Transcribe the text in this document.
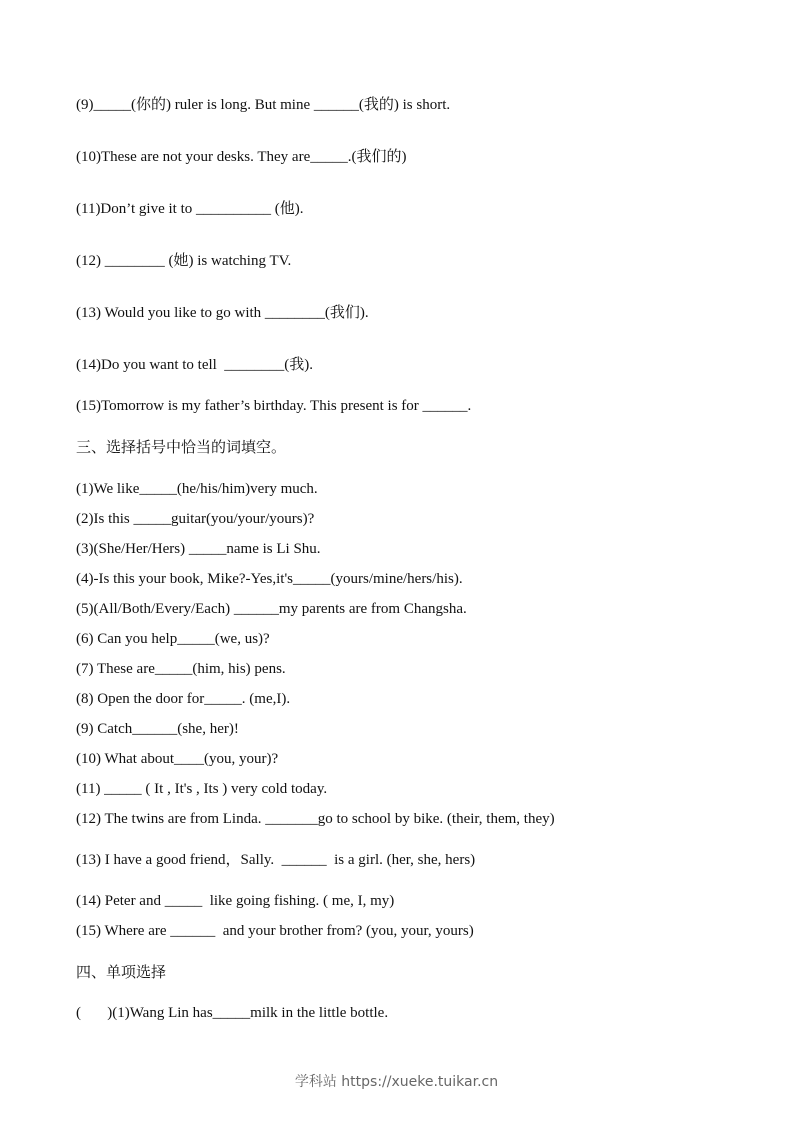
(9)_____(你的) ruler is long. But mine ______(我的) is short.
(10)These are not your desks. They are_____.(我们的)
(11)Don’t give it to __________ (他).
(12) ________ (她) is watching TV.
(13) Would you like to go with ________(我们).
(14)Do you want to tell  ________(我).
(15)Tomorrow is my father’s birthday. This present is for ______.
三、选择括号中恰当的词填空。
(1)We like_____(he/his/him)very much.
(2)Is this _____guitar(you/your/yours)?
(3)(She/Her/Hers) _____name is Li Shu.
(4)-Is this your book, Mike?-Yes,it's_____(yours/mine/hers/his).
(5)(All/Both/Every/Each) ______my parents are from Changsha.
(6) Can you help_____(we, us)?
(7) These are_____(him, his) pens.
(8) Open the door for_____. (me,I).
(9) Catch______(she, her)!
(10) What about____(you, your)?
(11) _____ ( It , It's , Its ) very cold today.
(12) The twins are from Linda. _______go to school by bike. (their, them, they)
(13) I have a good friend，Sally.  ______  is a girl. (her, she, hers)
(14) Peter and _____  like going fishing. ( me, I, my)
(15) Where are ______  and your brother from? (you, your, yours)
四、单项选择
(       )(1)Wang Lin has_____milk in the little bottle.
学科站 https://xueke.tuikar.cn
